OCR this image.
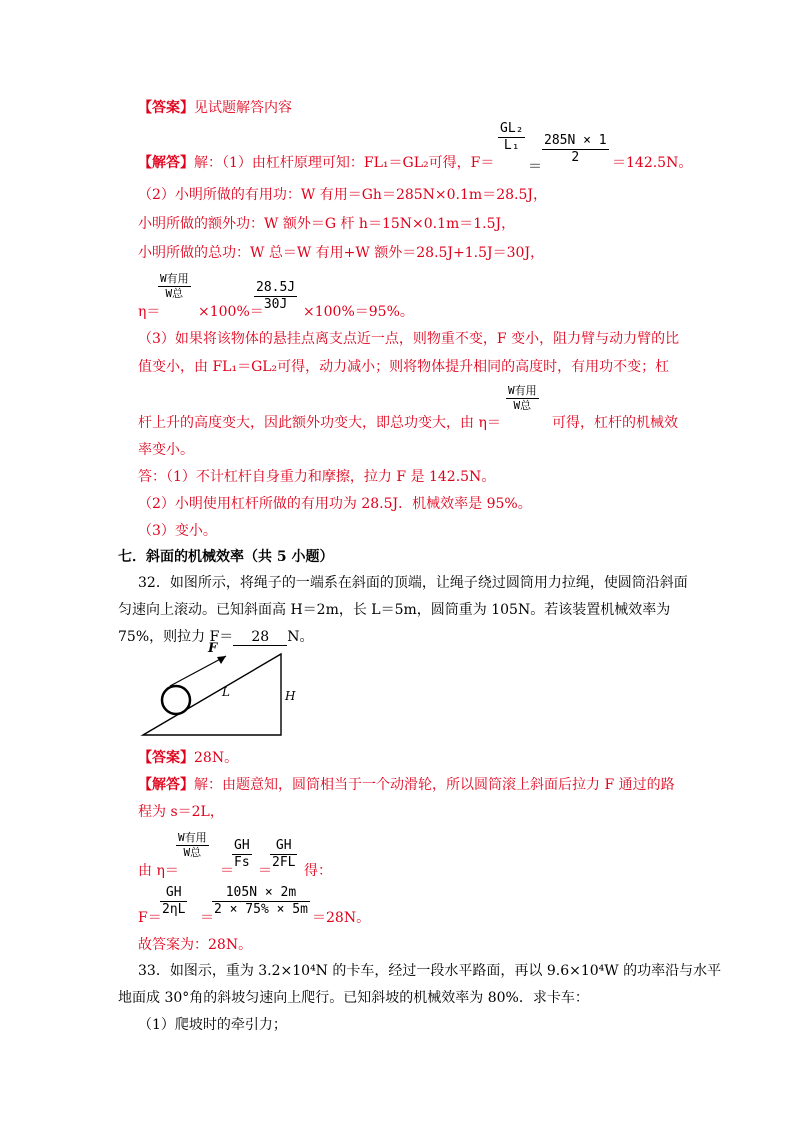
【答案】见试题解答内容
【解答】解：（1）由杠杆原理可知：FL₁＝GL₂可得，F＝
GL₂
L₁
＝
285N × 1
2 ＝142.5N。
（2）小明所做的有用功：W 有用＝Gh＝285N×0.1m＝28.5J，
小明所做的额外功：W 额外＝G 杆 h＝15N×0.1m＝1.5J，
小明所做的总功：W 总＝W 有用+W 额外＝28.5J+1.5J＝30J，
η＝
W有用
W总
×100%＝
28.5J
30J ×100%＝95%。
（3）如果将该物体的悬挂点离支点近一点，则物重不变，F 变小，阻力臂与动力臂的比
值变小，由 FL₁＝GL₂可得，动力减小；则将物体提升相同的高度时，有用功不变；杠
杆上升的高度变大，因此额外功变大，即总功变大，由 η＝
W有用
W总
可得，杠杆的机械效
率变小。
答：（1）不计杠杆自身重力和摩擦，拉力 F 是 142.5N。
（2）小明使用杠杆所做的有用功为 28.5J．机械效率是 95%。
（3）变小。
七．斜面的机械效率（共 5 小题）
32．如图所示，将绳子的一端系在斜面的顶端，让绳子绕过圆筒用力拉绳，使圆筒沿斜面
匀速向上滚动。已知斜面高 H＝2m，长 L＝5m，圆筒重为 105N。若该装置机械效率为
75%，则拉力 F＝ 28 N。
F
L	H
【答案】28N。
【解答】解：由题意知，圆筒相当于一个动滑轮，所以圆筒滚上斜面后拉力 F 通过的路
程为 s＝2L，
由 η＝
W有用
W总
＝
GH
Fs
＝
GH
2FL
得：
F＝
GH
2ηL
＝
105N × 2m
2 × 75% × 5m
＝28N。
故答案为：28N。
33．如图示，重为 3.2×10⁴N 的卡车，经过一段水平路面，再以 9.6×10⁴W 的功率沿与水平
地面成 30°角的斜坡匀速向上爬行。已知斜坡的机械效率为 80%．求卡车：
（1）爬坡时的牵引力；
